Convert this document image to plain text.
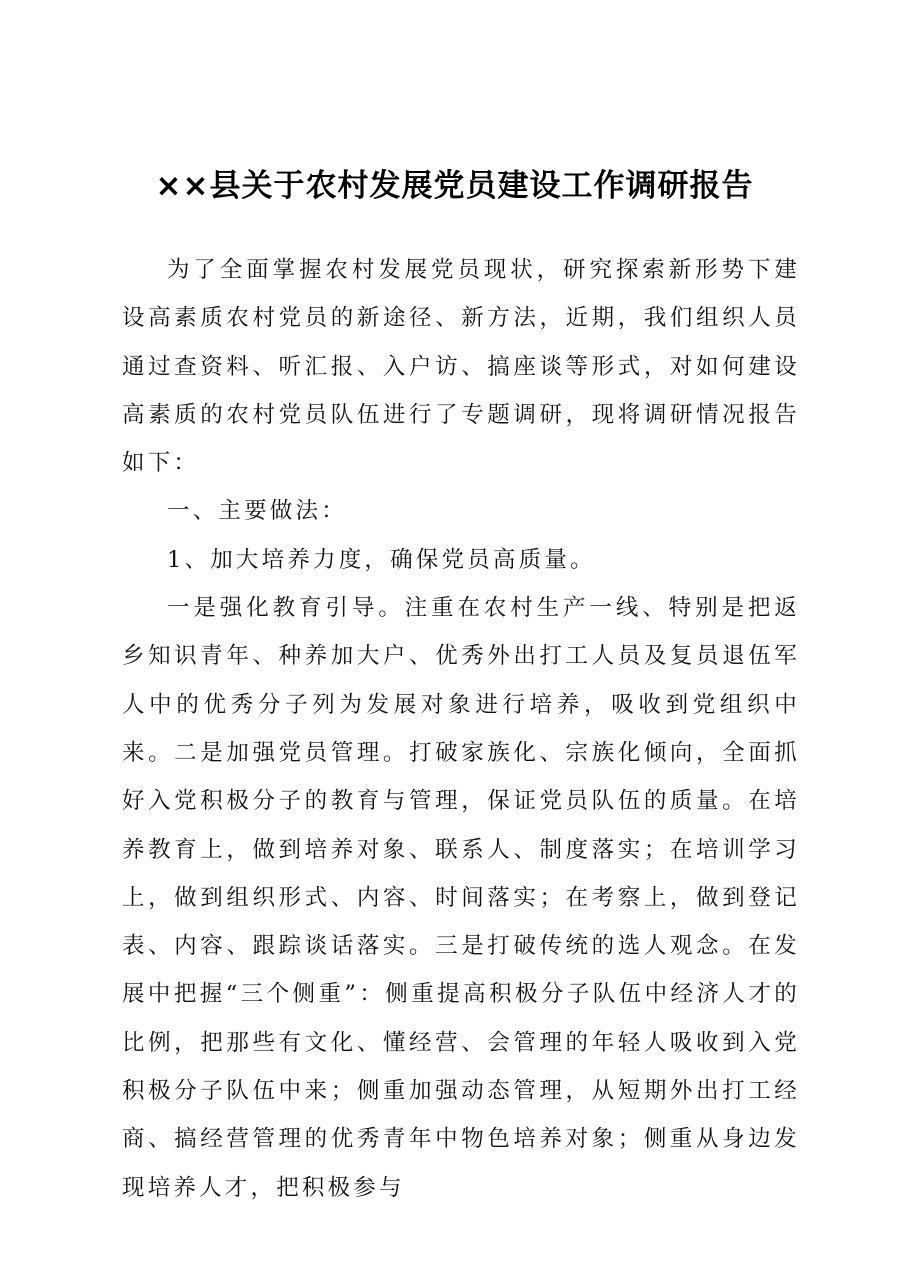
××县关于农村发展党员建设工作调研报告

为了全面掌握农村发展党员现状，研究探索新形势下建设高素质农村党员的新途径、新方法，近期，我们组织人员通过查资料、听汇报、入户访、搞座谈等形式，对如何建设高素质的农村党员队伍进行了专题调研，现将调研情况报告如下：

一、主要做法：

1、加大培养力度，确保党员高质量。

一是强化教育引导。注重在农村生产一线、特别是把返乡知识青年、种养加大户、优秀外出打工人员及复员退伍军人中的优秀分子列为发展对象进行培养，吸收到党组织中来。二是加强党员管理。打破家族化、宗族化倾向，全面抓好入党积极分子的教育与管理，保证党员队伍的质量。在培养教育上，做到培养对象、联系人、制度落实；在培训学习上，做到组织形式、内容、时间落实；在考察上，做到登记表、内容、跟踪谈话落实。三是打破传统的选人观念。在发展中把握“三个侧重”：侧重提高积极分子队伍中经济人才的比例，把那些有文化、懂经营、会管理的年轻人吸收到入党积极分子队伍中来；侧重加强动态管理，从短期外出打工经商、搞经营管理的优秀青年中物色培养对象；侧重从身边发现培养人才，把积极参与
